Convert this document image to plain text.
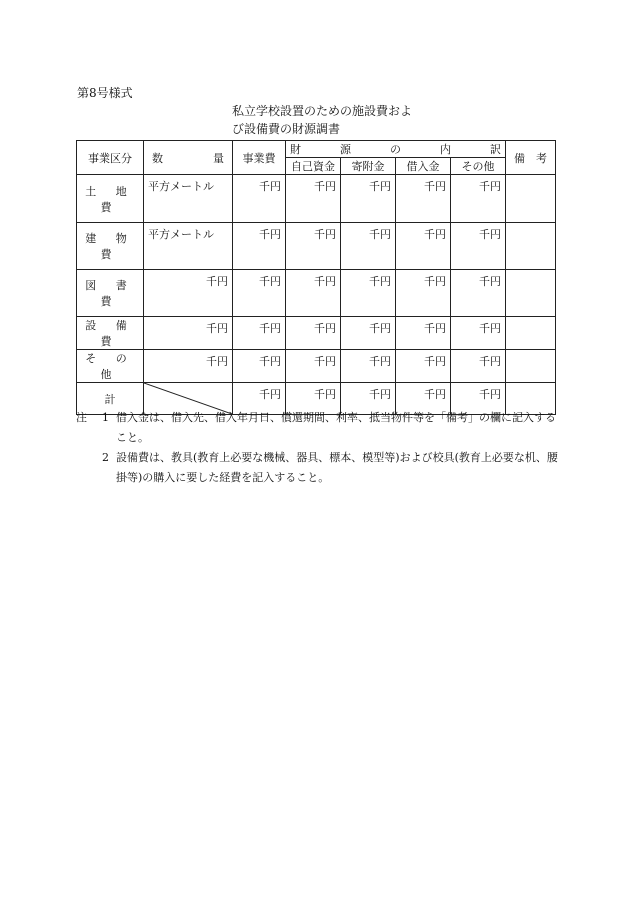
第8号様式
私立学校設置のための施設費およ
び設備費の財源調書
事業区分	数 量	事業費	財 源 の 内 訳				備　考
			自己資金	寄附金	借入金	その他	
土 地 費	平方メートル	千円	千円	千円	千円	千円	
建 物 費	平方メートル	千円	千円	千円	千円	千円	
図 書 費	千円	千円	千円	千円	千円	千円	
設 備 費	千円	千円	千円	千円	千円	千円	
そ の 他	千円	千円	千円	千円	千円	千円	
計		千円	千円	千円	千円	千円	
注	1 借入金は、借入先、借入年月日、償還期間、利率、抵当物件等を「備考」の欄に記入すること。
2 設備費は、教具(教育上必要な機械、器具、標本、模型等)および校具(教育上必要な机、腰掛等)の購入に要した経費を記入すること。
